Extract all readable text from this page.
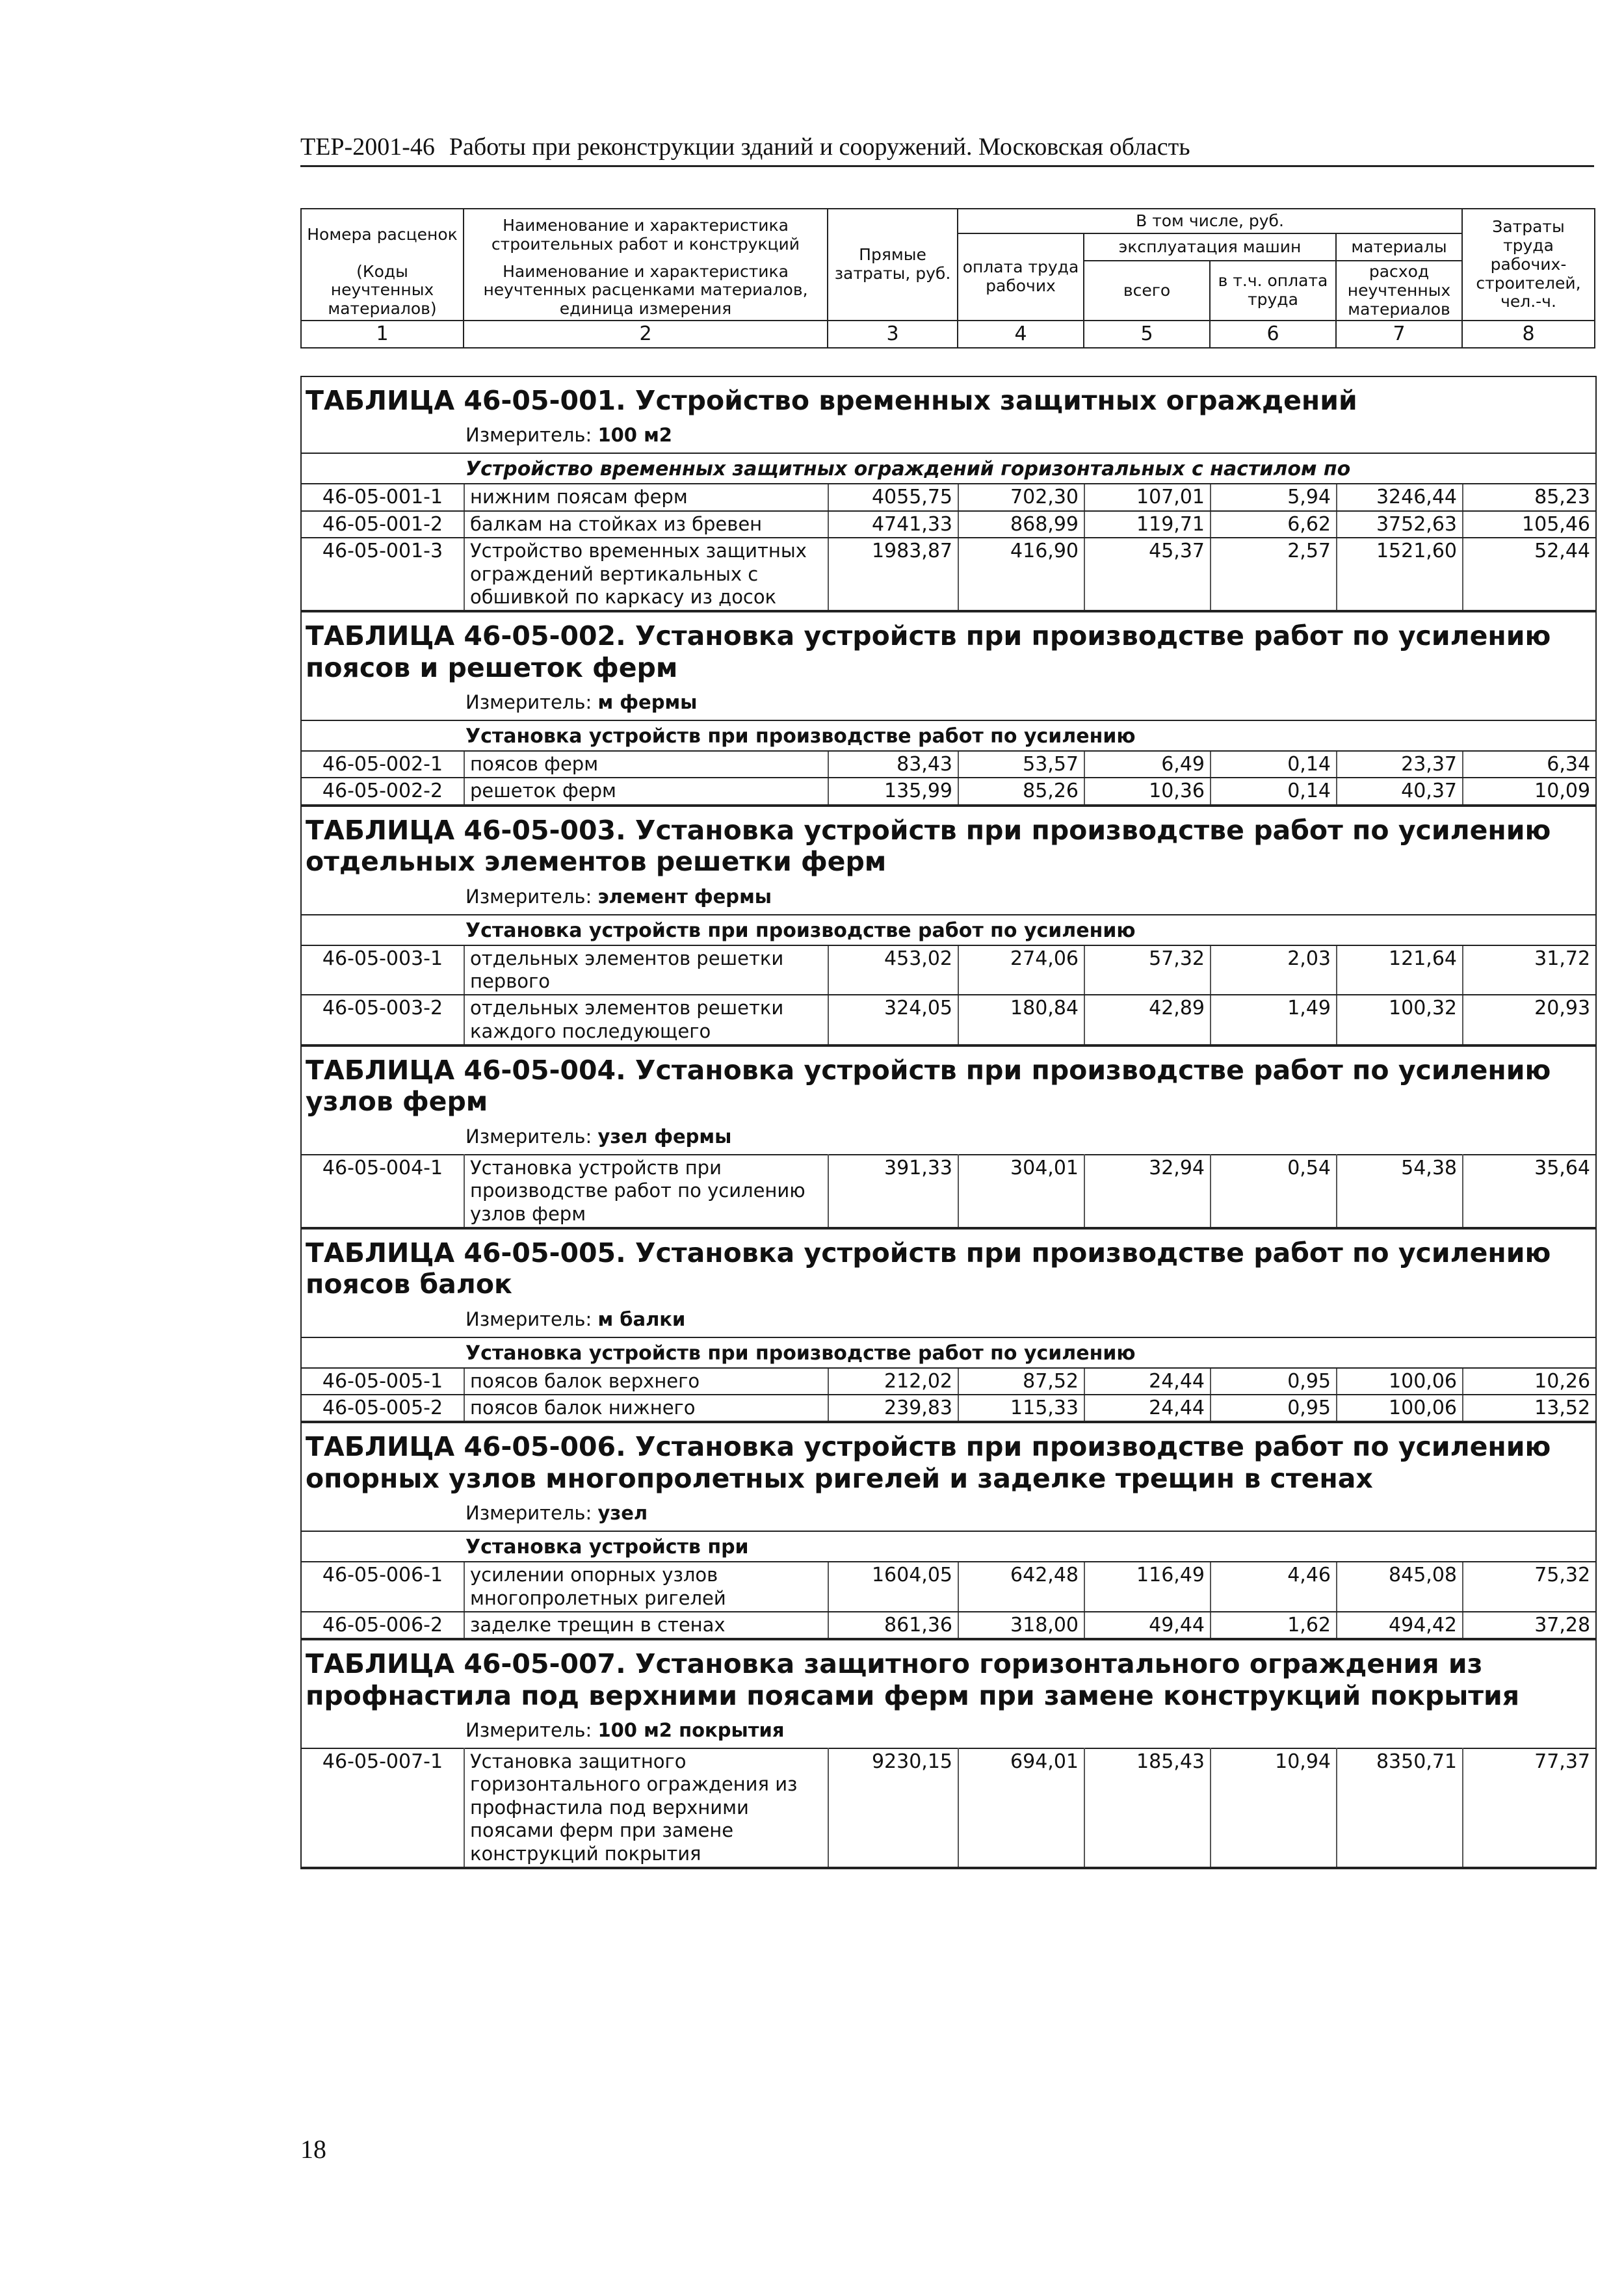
ТЕР-2001-46 Работы при реконструкции зданий и сооружений. Московская область
Номера расценок	Наименование и характеристика строительных работ и конструкций	Прямые затраты, руб.	В том числе, руб.				Затраты труда рабочих-строителей, чел.-ч.
			оплата труда рабочих	эксплуатация машин		материалы	
(Коды неучтенных материалов)	Наименование и характеристика неучтенных расценками материалов, единица измерения			всего	в т.ч. оплата труда	расход неучтенных материалов	

1	2	3	4	5	6	7	8
ТАБЛИЦА 46-05-001. Устройство временных защитных ограждений
Измеритель: 100 м2
Устройство временных защитных ограждений горизонтальных с настилом по							
46-05-001-1	нижним поясам ферм	4055,75	702,30	107,01	5,94	3246,44	85,23
46-05-001-2	балкам на стойках из бревен	4741,33	868,99	119,71	6,62	3752,63	105,46
46-05-001-3	Устройство временных защитных ограждений вертикальных с обшивкой по каркасу из досок	1983,87	416,90	45,37	2,57	1521,60	52,44
ТАБЛИЦА 46-05-002. Установка устройств при производстве работ по усилению поясов и решеток ферм
Измеритель: м фермы
Установка устройств при производстве работ по усилению							
46-05-002-1	поясов ферм	83,43	53,57	6,49	0,14	23,37	6,34
46-05-002-2	решеток ферм	135,99	85,26	10,36	0,14	40,37	10,09
ТАБЛИЦА 46-05-003. Установка устройств при производстве работ по усилению отдельных элементов решетки ферм
Измеритель: элемент фермы
Установка устройств при производстве работ по усилению							
46-05-003-1	отдельных элементов решетки первого	453,02	274,06	57,32	2,03	121,64	31,72
46-05-003-2	отдельных элементов решетки каждого последующего	324,05	180,84	42,89	1,49	100,32	20,93
ТАБЛИЦА 46-05-004. Установка устройств при производстве работ по усилению узлов ферм
Измеритель: узел фермы
46-05-004-1	Установка устройств при производстве работ по усилению узлов ферм	391,33	304,01	32,94	0,54	54,38	35,64
ТАБЛИЦА 46-05-005. Установка устройств при производстве работ по усилению поясов балок
Измеритель: м балки
Установка устройств при производстве работ по усилению							
46-05-005-1	поясов балок верхнего	212,02	87,52	24,44	0,95	100,06	10,26
46-05-005-2	поясов балок нижнего	239,83	115,33	24,44	0,95	100,06	13,52
ТАБЛИЦА 46-05-006. Установка устройств при производстве работ по усилению опорных узлов многопролетных ригелей и заделке трещин в стенах
Измеритель: узел
Установка устройств при							
46-05-006-1	усилении опорных узлов многопролетных ригелей	1604,05	642,48	116,49	4,46	845,08	75,32
46-05-006-2	заделке трещин в стенах	861,36	318,00	49,44	1,62	494,42	37,28
ТАБЛИЦА 46-05-007. Установка защитного горизонтального ограждения из профнастила под верхними поясами ферм при замене конструкций покрытия
Измеритель: 100 м2 покрытия
46-05-007-1	Установка защитного горизонтального ограждения из профнастила под верхними поясами ферм при замене конструкций покрытия	9230,15	694,01	185,43	10,94	8350,71	77,37
18
